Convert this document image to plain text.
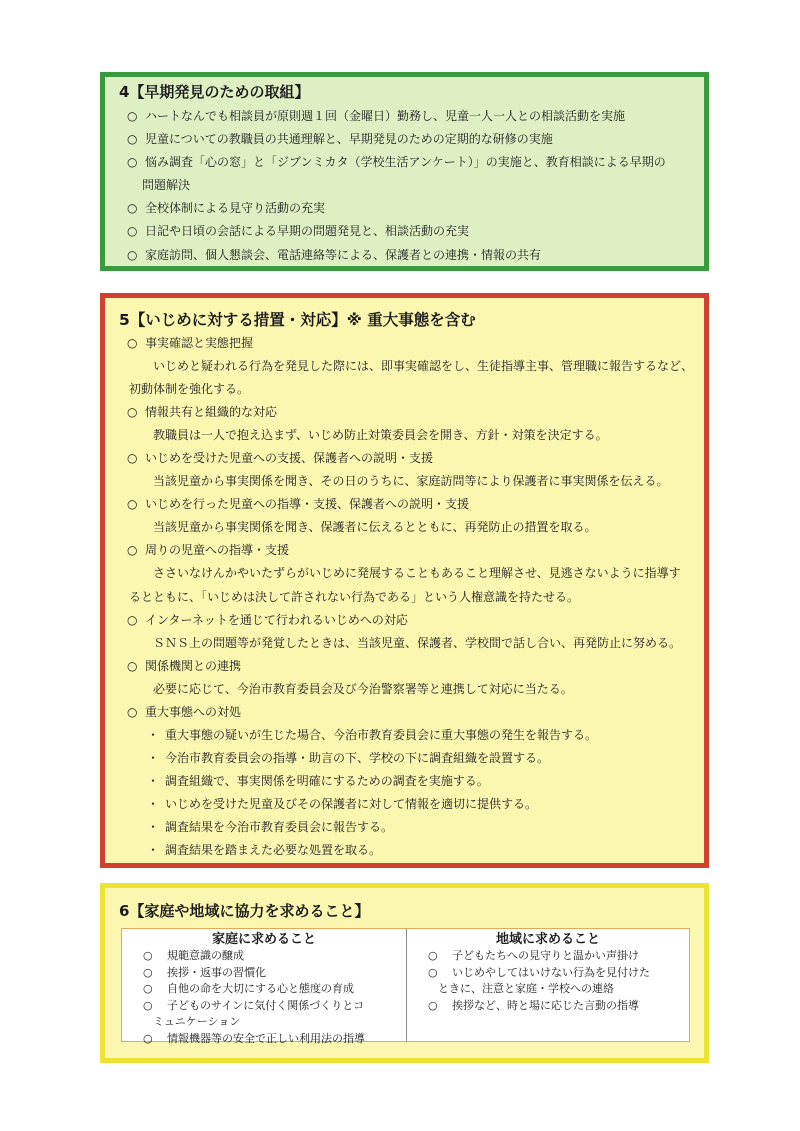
4【早期発見のための取組】
○ ハートなんでも相談員が原則週１回（金曜日）勤務し、児童一人一人との相談活動を実施
○ 児童についての教職員の共通理解と、早期発見のための定期的な研修の実施
○ 悩み調査「心の窓」と「ジブンミカタ（学校生活アンケート）」の実施と、教育相談による早期の
問題解決
○ 全校体制による見守り活動の充実
○ 日記や日頃の会話による早期の問題発見と、相談活動の充実
○ 家庭訪問、個人懇談会、電話連絡等による、保護者との連携・情報の共有
5【いじめに対する措置・対応】※ 重大事態を含む
○ 事実確認と実態把握
いじめと疑われる行為を発見した際には、即事実確認をし、生徒指導主事、管理職に報告するなど、
初動体制を強化する。
○ 情報共有と組織的な対応
教職員は一人で抱え込まず、いじめ防止対策委員会を開き、方針・対策を決定する。
○ いじめを受けた児童への支援、保護者への説明・支援
当該児童から事実関係を聞き、その日のうちに、家庭訪問等により保護者に事実関係を伝える。
○ いじめを行った児童への指導・支援、保護者への説明・支援
当該児童から事実関係を聞き、保護者に伝えるとともに、再発防止の措置を取る。
○ 周りの児童への指導・支援
ささいなけんかやいたずらがいじめに発展することもあること理解させ、見逃さないように指導す
るとともに、「いじめは決して許されない行為である」という人権意識を持たせる。
○ インターネットを通じて行われるいじめへの対応
ＳＮＳ上の問題等が発覚したときは、当該児童、保護者、学校間で話し合い、再発防止に努める。
○ 関係機関との連携
必要に応じて、今治市教育委員会及び今治警察署等と連携して対応に当たる。
○ 重大事態への対処
・ 重大事態の疑いが生じた場合、今治市教育委員会に重大事態の発生を報告する。
・ 今治市教育委員会の指導・助言の下、学校の下に調査組織を設置する。
・ 調査組織で、事実関係を明確にするための調査を実施する。
・ いじめを受けた児童及びその保護者に対して情報を適切に提供する。
・ 調査結果を今治市教育委員会に報告する。
・ 調査結果を踏まえた必要な処置を取る。
6【家庭や地域に協力を求めること】
家庭に求めること
○ 規範意識の醸成
○ 挨拶・返事の習慣化
○ 自他の命を大切にする心と態度の育成
○ 子どものサインに気付く関係づくりとコ
ミュニケーション
○ 情報機器等の安全で正しい利用法の指導
地域に求めること
○ 子どもたちへの見守りと温かい声掛け
○ いじめやしてはいけない行為を見付けた
ときに、注意と家庭・学校への連絡
○ 挨拶など、時と場に応じた言動の指導
